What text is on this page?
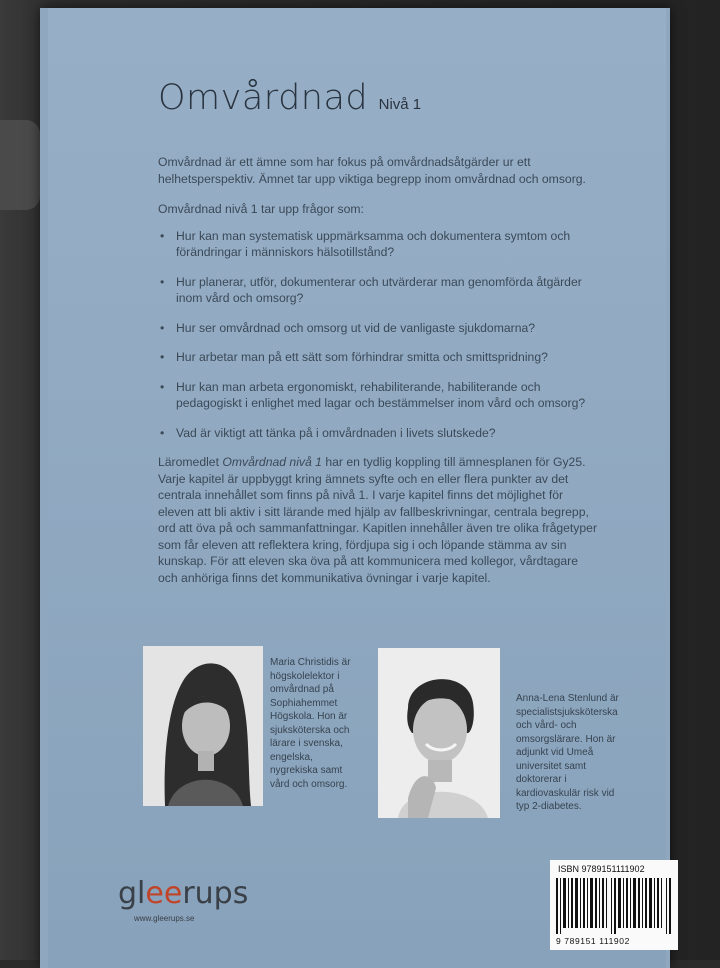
Omvårdnad Nivå 1

Omvårdnad är ett ämne som har fokus på omvårdnadsåtgärder ur ett helhetsperspektiv. Ämnet tar upp viktiga begrepp inom omvårdnad och omsorg.

Omvårdnad nivå 1 tar upp frågor som:

• Hur kan man systematisk uppmärksamma och dokumentera symtom och förändringar i människors hälsotillstånd?
• Hur planerar, utför, dokumenterar och utvärderar man genomförda åtgärder inom vård och omsorg?
• Hur ser omvårdnad och omsorg ut vid de vanligaste sjukdomarna?
• Hur arbetar man på ett sätt som förhindrar smitta och smittspridning?
• Hur kan man arbeta ergonomiskt, rehabiliterande, habiliterande och pedagogiskt i enlighet med lagar och bestämmelser inom vård och omsorg?
• Vad är viktigt att tänka på i omvårdnaden i livets slutskede?

Läromedlet Omvårdnad nivå 1 har en tydlig koppling till ämnesplanen för Gy25. Varje kapitel är uppbyggt kring ämnets syfte och en eller flera punkter av det centrala innehållet som finns på nivå 1. I varje kapitel finns det möjlighet för eleven att bli aktiv i sitt lärande med hjälp av fallbeskrivningar, centrala begrepp, ord att öva på och sammanfattningar. Kapitlen innehåller även tre olika frågetyper som får eleven att reflektera kring, fördjupa sig i och löpande stämma av sin kunskap. För att eleven ska öva på att kommunicera med kollegor, vårdtagare och anhöriga finns det kommunikativa övningar i varje kapitel.

Maria Christidis är högskolelektor i omvårdnad på Sophiahemmet Högskola. Hon är sjuksköterska och lärare i svenska, engelska, nygrekiska samt vård och omsorg.
Anna-Lena Stenlund är specialistsjuksköterska och vård- och omsorgslärare. Hon är adjunkt vid Umeå universitet samt doktorerar i kardiovaskulär risk vid typ 2-diabetes.
gleerups
www.gleerups.se
ISBN 9789151111902
9 789151 111902
